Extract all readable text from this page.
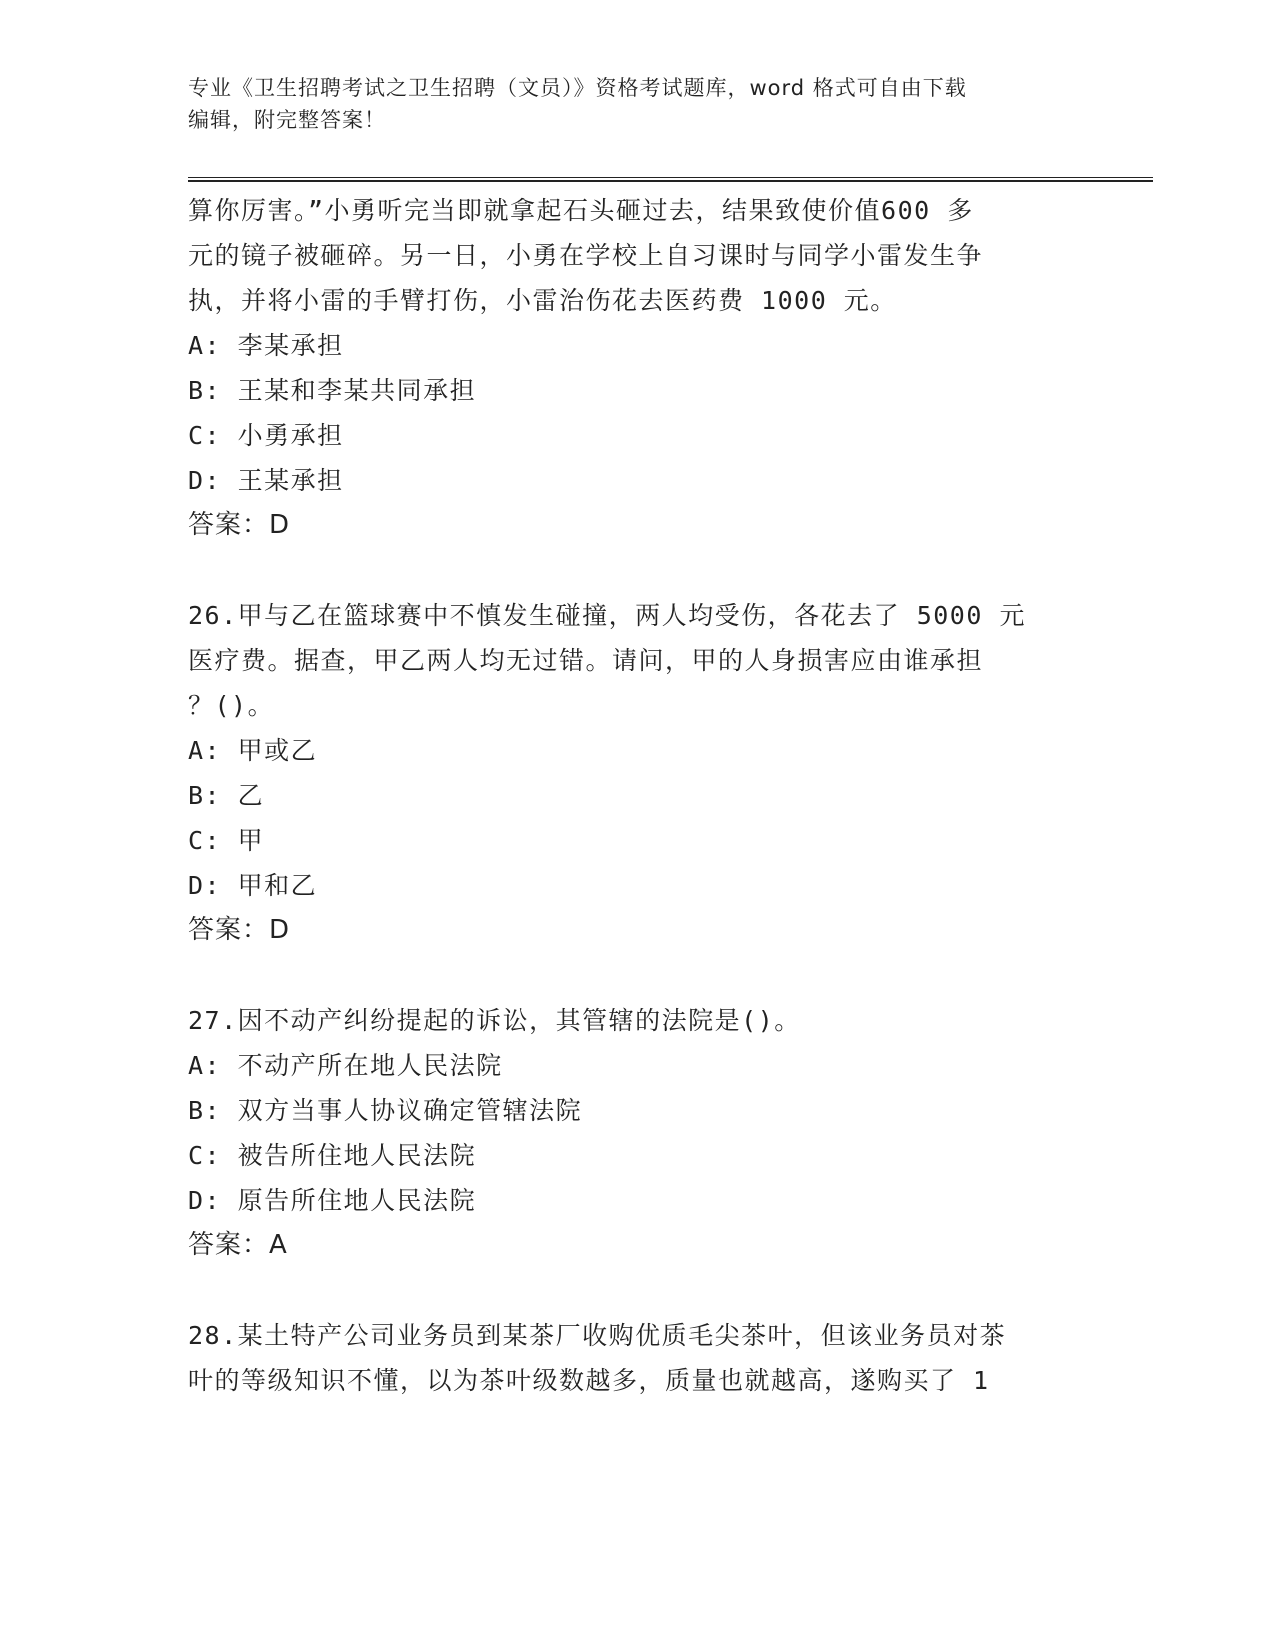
专业《卫生招聘考试之卫生招聘（文员）》资格考试题库，word 格式可自由下载
编辑，附完整答案！

算你厉害。”小勇听完当即就拿起石头砸过去，结果致使价值600 多

元的镜子被砸碎。另一日，小勇在学校上自习课时与同学小雷发生争

执，并将小雷的手臂打伤，小雷治伤花去医药费 1000 元。

A: 李某承担

B: 王某和李某共同承担

C: 小勇承担

D: 王某承担

答案：D

26.甲与乙在篮球赛中不慎发生碰撞，两人均受伤，各花去了 5000 元

医疗费。据查，甲乙两人均无过错。请问，甲的人身损害应由谁承担

？()。

A: 甲或乙

B: 乙

C: 甲

D: 甲和乙

答案：D

27.因不动产纠纷提起的诉讼，其管辖的法院是()。

A: 不动产所在地人民法院

B: 双方当事人协议确定管辖法院

C: 被告所住地人民法院

D: 原告所住地人民法院

答案：A

28.某土特产公司业务员到某茶厂收购优质毛尖茶叶，但该业务员对茶

叶的等级知识不懂，以为茶叶级数越多，质量也就越高，遂购买了 1
